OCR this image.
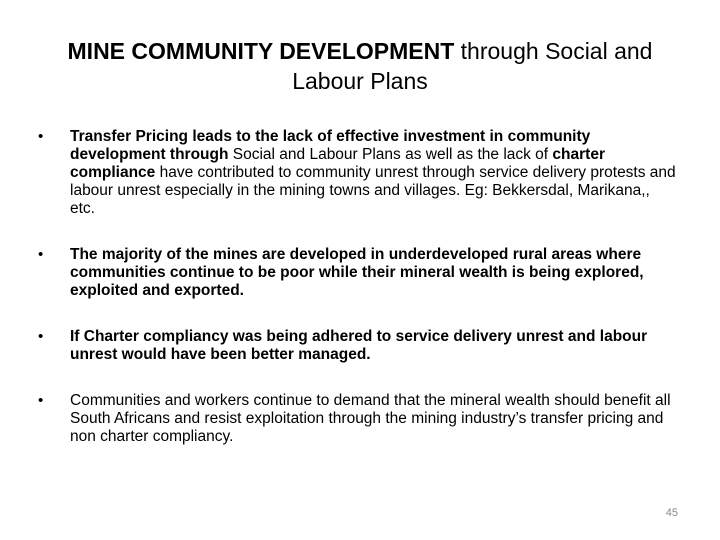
MINE COMMUNITY DEVELOPMENT through Social and Labour Plans
•	Transfer Pricing leads to the lack of effective investment in community development through Social and Labour Plans as well as the lack of charter compliance have contributed to community unrest through service delivery protests and labour unrest especially in the mining towns and villages. Eg: Bekkersdal, Marikana,, etc.
•	The majority of the mines are developed in underdeveloped rural areas where communities continue to be poor while their mineral wealth is being explored, exploited and exported.
•	If Charter compliancy was being adhered to service delivery unrest and labour unrest would have been better managed.
•	Communities and workers continue to demand that the mineral wealth should benefit all South Africans and resist exploitation through the mining industry’s transfer pricing and non charter compliancy.
45
